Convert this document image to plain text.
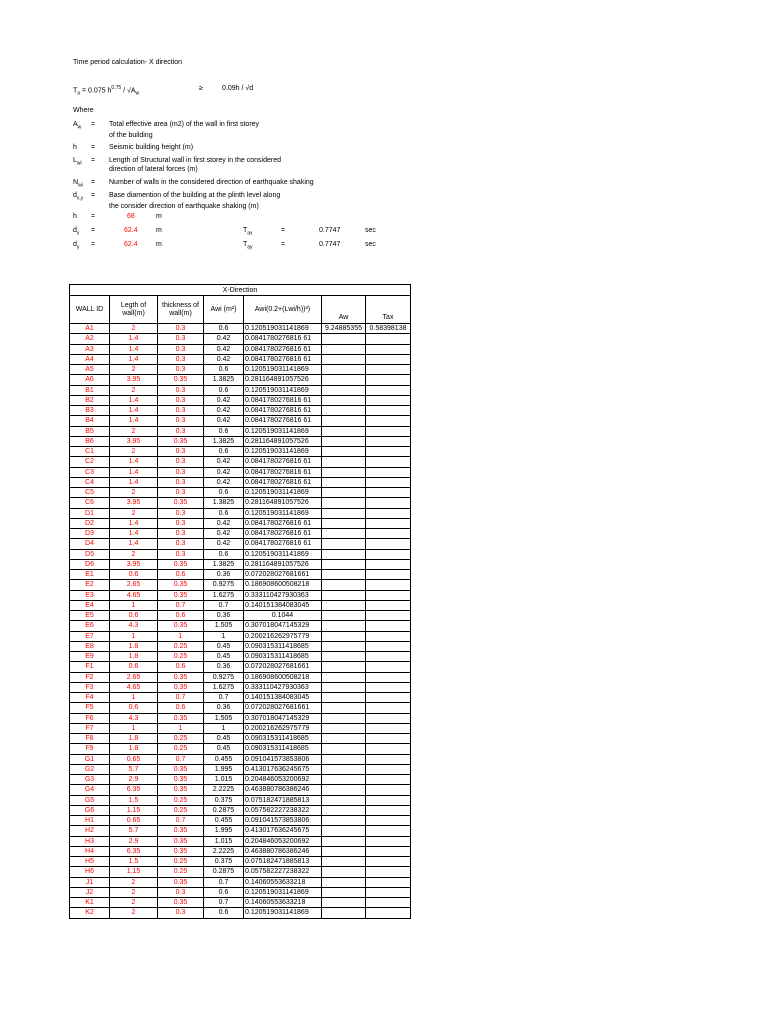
Time period calculation- X direction
$T_a = 0.075$ $h^{0.75} / √A_w$
≥	0.09h / √d
Where
$A_w$ = Total effective area (m2) of the wall in first storey
of the building
h = Seismic building height (m)
$L_{wi}$ = Length of Structural wall in first storey in the considered
direction of lateral forces (m)
$N_{wi}$ = Number of walls in the considered direction of earthquake shaking
$d_{x,y}$ = Base diamention of the building at the plinth level along
the consider direction of earthquake shaking (m)
h =	68	m
$d_x$ =	62.4	m	$T_{ax}$	=	0.7747	sec
$d_y$ =	62.4	m	$T_{ay}$	=	0.7747	sec
X-Direction						
WALL ID	Legth of wall(m)	thickness of wall(m)	Awi (m²)	Awi(0.2+(Lwi/h))²)	Aw	Tax
A1	2	0.3	0.6	0.120519031141869	9.24885355	0.58398138
A2	1.4	0.3	0.42	0.0841780276816 61		
A3	1.4	0.3	0.42	0.0841780276816 61		
A4	1.4	0.3	0.42	0.0841780276816 61		
A5	2	0.3	0.6	0.120519031141869		
A6	3.95	0.35	1.3825	0.281164891057526		
B1	2	0.3	0.6	0.120519031141869		
B2	1.4	0.3	0.42	0.0841780276816 61		
B3	1.4	0.3	0.42	0.0841780276816 61		
B4	1.4	0.3	0.42	0.0841780276816 61		
B5	2	0.3	0.6	0.120519031141869		
B6	3.95	0.35	1.3825	0.281164891057526		
C1	2	0.3	0.6	0.120519031141869		
C2	1.4	0.3	0.42	0.0841780276816 61		
C3	1.4	0.3	0.42	0.0841780276816 61		
C4	1.4	0.3	0.42	0.0841780276816 61		
C5	2	0.3	0.6	0.120519031141869		
C6	3.95	0.35	1.3825	0.281164891057526		
D1	2	0.3	0.6	0.120519031141869		
D2	1.4	0.3	0.42	0.0841780276816 61		
D3	1.4	0.3	0.42	0.0841780276816 61		
D4	1.4	0.3	0.42	0.0841780276816 61		
D5	2	0.3	0.6	0.120519031141869		
D6	3.95	0.35	1.3825	0.281164891057526		
E1	0.6	0.6	0.36	0.072028027681661		
E2	2.65	0.35	0.9275	0.186908600508218		
E3	4.65	0.35	1.6275	0.333110427930363		
E4	1	0.7	0.7	0.140151384083045		
E5	0.6	0.6	0.36	0.1044		
E6	4.3	0.35	1.505	0.307018047145329		
E7	1	1	1	0.200216262975779		
E8	1.8	0.25	0.45	0.090315311418685		
E9	1.8	0.25	0.45	0.090315311418685		
F1	0.6	0.6	0.36	0.072028027681661		
F2	2.65	0.35	0.9275	0.186908600508218		
F3	4.65	0.35	1.6275	0.333110427930363		
F4	1	0.7	0.7	0.140151384083045		
F5	0.6	0.6	0.36	0.072028027681661		
F6	4.3	0.35	1.505	0.307018047145329		
F7	1	1	1	0.200216262975779		
F8	1.8	0.25	0.45	0.090315311418685		
F9	1.8	0.25	0.45	0.090315311418685		
G1	0.65	0.7	0.455	0.091041573853806		
G2	5.7	0.35	1.995	0.413017636245675		
G3	2.9	0.35	1.015	0.204846053200692		
G4	6.35	0.35	2.2225	0.463880786386246		
G5	1.5	0.25	0.375	0.075182471885813		
G6	1.15	0.25	0.2875	0.057582227238322		
H1	0.65	0.7	0.455	0.091041573853806		
H2	5.7	0.35	1.995	0.413017636245675		
H3	2.9	0.35	1.015	0.204846053200692		
H4	6.35	0.35	2.2225	0.463880786386246		
H5	1.5	0.25	0.375	0.075182471885813		
H6	1.15	0.25	0.2875	0.057582227238322		
J1	2	0.35	0.7	0.14060553633218		
J2	2	0.3	0.6	0.120519031141869		
K1	2	0.35	0.7	0.14060553633218		
K2	2	0.3	0.6	0.120519031141869		
